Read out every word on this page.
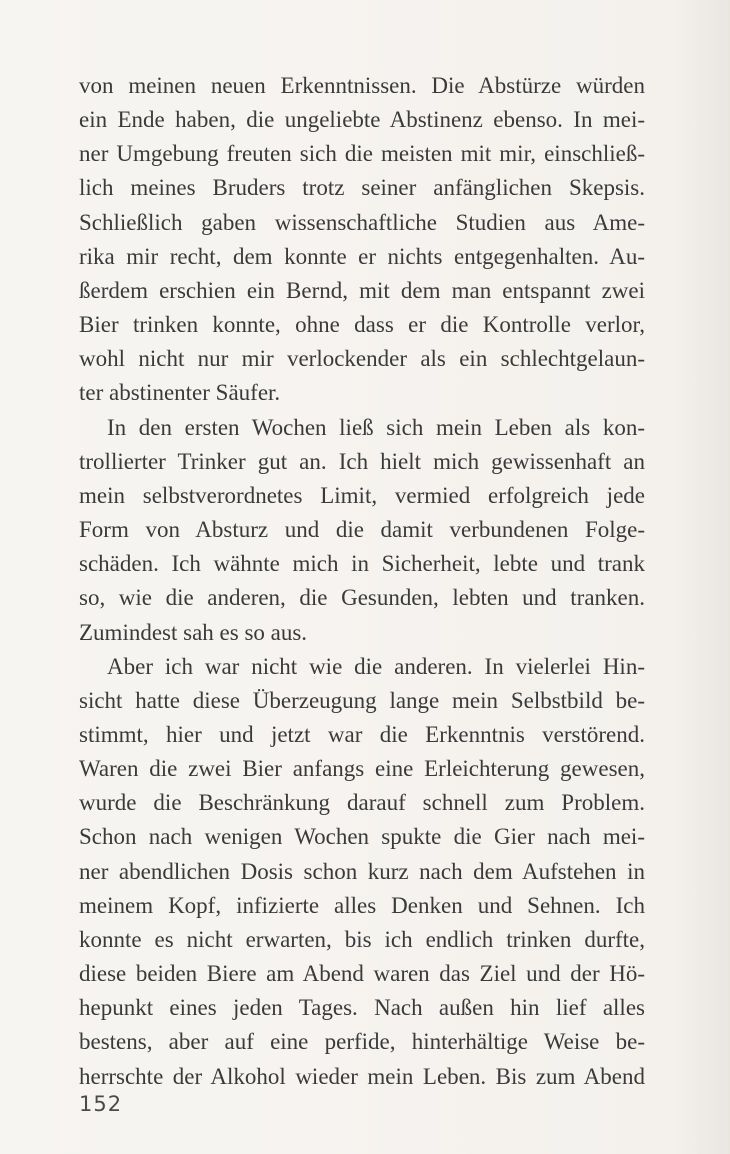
von meinen neuen Erkenntnissen. Die Abstürze würden
ein Ende haben, die ungeliebte Abstinenz ebenso. In mei-
ner Umgebung freuten sich die meisten mit mir, einschließ-
lich meines Bruders trotz seiner anfänglichen Skepsis.
Schließlich gaben wissenschaftliche Studien aus Ame-
rika mir recht, dem konnte er nichts entgegenhalten. Au-
ßerdem erschien ein Bernd, mit dem man entspannt zwei
Bier trinken konnte, ohne dass er die Kontrolle verlor,
wohl nicht nur mir verlockender als ein schlechtgelaun-
ter abstinenter Säufer.
In den ersten Wochen ließ sich mein Leben als kon-
trollierter Trinker gut an. Ich hielt mich gewissenhaft an
mein selbstverordnetes Limit, vermied erfolgreich jede
Form von Absturz und die damit verbundenen Folge-
schäden. Ich wähnte mich in Sicherheit, lebte und trank
so, wie die anderen, die Gesunden, lebten und tranken.
Zumindest sah es so aus.
Aber ich war nicht wie die anderen. In vielerlei Hin-
sicht hatte diese Überzeugung lange mein Selbstbild be-
stimmt, hier und jetzt war die Erkenntnis verstörend.
Waren die zwei Bier anfangs eine Erleichterung gewesen,
wurde die Beschränkung darauf schnell zum Problem.
Schon nach wenigen Wochen spukte die Gier nach mei-
ner abendlichen Dosis schon kurz nach dem Aufstehen in
meinem Kopf, infizierte alles Denken und Sehnen. Ich
konnte es nicht erwarten, bis ich endlich trinken durfte,
diese beiden Biere am Abend waren das Ziel und der Hö-
hepunkt eines jeden Tages. Nach außen hin lief alles
bestens, aber auf eine perfide, hinterhältige Weise be-
herrschte der Alkohol wieder mein Leben. Bis zum Abend
152
